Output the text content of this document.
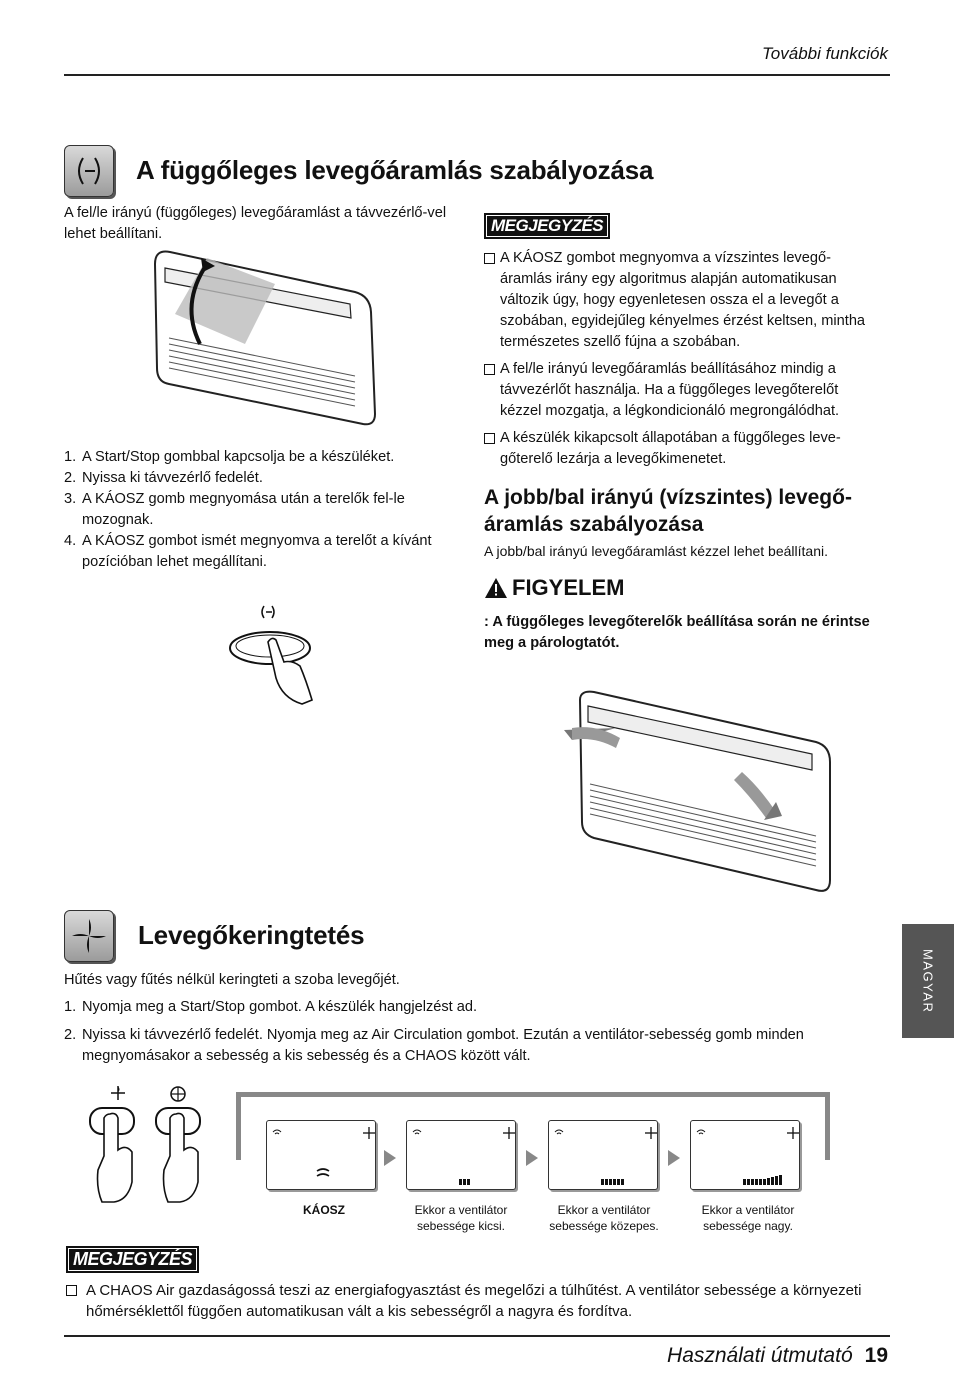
További funkciók
A függőleges levegőáramlás szabályozása
A fel/le irányú (függőleges) levegőáramlást a távvezérlő-vel lehet beállítani.
1. A Start/Stop gombbal kapcsolja be a készüléket.
2. Nyissa ki távvezérlő fedelét.
3. A KÁOSZ gomb megnyomása után a terelők fel-le mozognak.
4. A KÁOSZ gombot ismét megnyomva a terelőt a kívánt pozícióban lehet megállítani.
MEGJEGYZÉS

A KÁOSZ gombot megnyomva a vízszintes levegő-áramlás irány egy algoritmus alapján automatikusan változik úgy, hogy egyenletesen ossza el a levegőt a szobában, egyidejűleg kényelmes érzést keltsen, mintha természetes szellő fújna a szobában.

A fel/le irányú levegőáramlás beállításához mindig a távvezérlőt használja. Ha a függőleges levegőterelőt kézzel mozgatja, a légkondicionáló megrongálódhat.

A készülék kikapcsolt állapotában a függőleges leve-gőterelő lezárja a levegőkimenetet.

A jobb/bal irányú (vízszintes) levegő-áramlás szabályozása
A jobb/bal irányú levegőáramlást kézzel lehet beállítani.
FIGYELEM
: A függőleges levegőterelők beállítása során ne érintse meg a párologtatót.
Levegőkeringtetés
Hűtés vagy fűtés nélkül keringteti a szoba levegőjét.
1. Nyomja meg a Start/Stop gombot. A készülék hangjelzést ad.
2. Nyissa ki távvezérlő fedelét. Nyomja meg az Air Circulation gombot. Ezután a ventilátor-sebesség gomb minden megnyomásakor a sebesség a kis sebesség és a CHAOS között vált.
MAGYAR
KÁOSZ	Ekkor a ventilátor sebessége kicsi.
Ekkor a ventilátor sebessége közepes.
Ekkor a ventilátor sebessége nagy.
MEGJEGYZÉS

A CHAOS Air gazdaságossá teszi az energiafogyasztást és megelőzi a túlhűtést. A ventilátor sebessége a környezeti hőmérséklettől függően automatikusan vált a kis sebességről a nagyra és fordítva.

Használati útmutató 19
